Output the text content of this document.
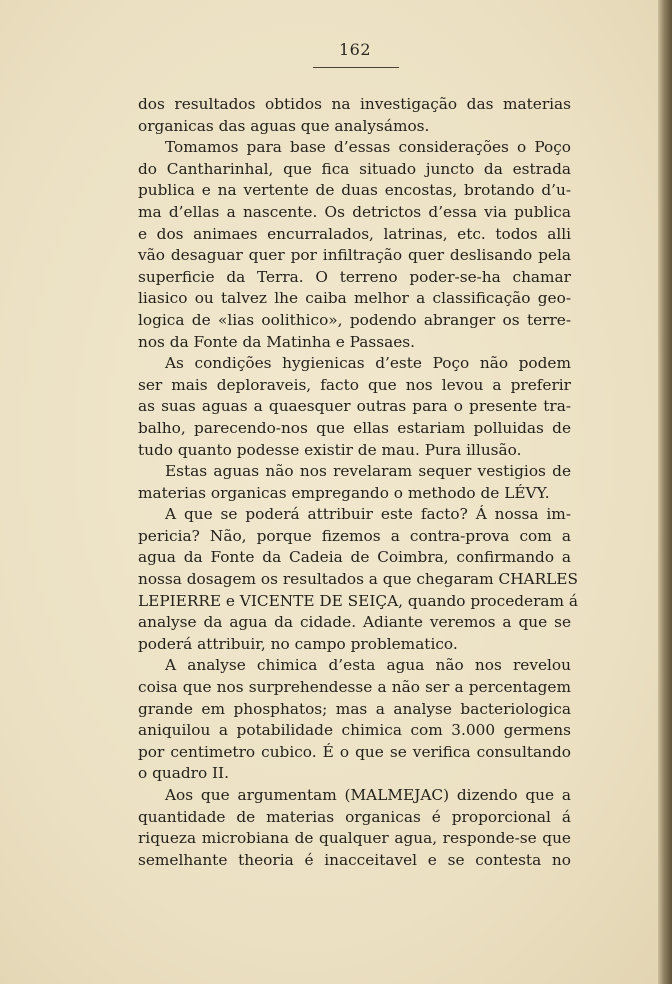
162
dos resultados obtidos na investigação das materias
organicas das aguas que analysámos.
Tomamos para base d’essas considerações o Poço
do Cantharinhal, que fica situado juncto da estrada
publica e na vertente de duas encostas, brotando d’u-
ma d’ellas a nascente. Os detrictos d’essa via publica
e dos animaes encurralados, latrinas, etc. todos alli
vão desaguar quer por infiltração quer deslisando pela
superficie da Terra. O terreno poder-se-ha chamar
liasico ou talvez lhe caiba melhor a classificação geo-
logica de «lias oolithico», podendo abranger os terre-
nos da Fonte da Matinha e Passaes.
As condições hygienicas d’este Poço não podem
ser mais deploraveis, facto que nos levou a preferir
as suas aguas a quaesquer outras para o presente tra-
balho, parecendo-nos que ellas estariam polluidas de
tudo quanto podesse existir de mau. Pura illusão.
Estas aguas não nos revelaram sequer vestigios de
materias organicas empregando o methodo de LÉVY.
A que se poderá attribuir este facto? Á nossa im-
pericia? Não, porque fizemos a contra-prova com a
agua da Fonte da Cadeia de Coimbra, confirmando a
nossa dosagem os resultados a que chegaram CHARLES
LEPIERRE e VICENTE DE SEIÇA, quando procederam á
analyse da agua da cidade. Adiante veremos a que se
poderá attribuir, no campo problematico.
A analyse chimica d’esta agua não nos revelou
coisa que nos surprehendesse a não ser a percentagem
grande em phosphatos; mas a analyse bacteriologica
aniquilou a potabilidade chimica com 3.000 germens
por centimetro cubico. É o que se verifica consultando
o quadro II.
Aos que argumentam (MALMEJAC) dizendo que a
quantidade de materias organicas é proporcional á
riqueza microbiana de qualquer agua, responde-se que
semelhante theoria é inacceitavel e se contesta no
